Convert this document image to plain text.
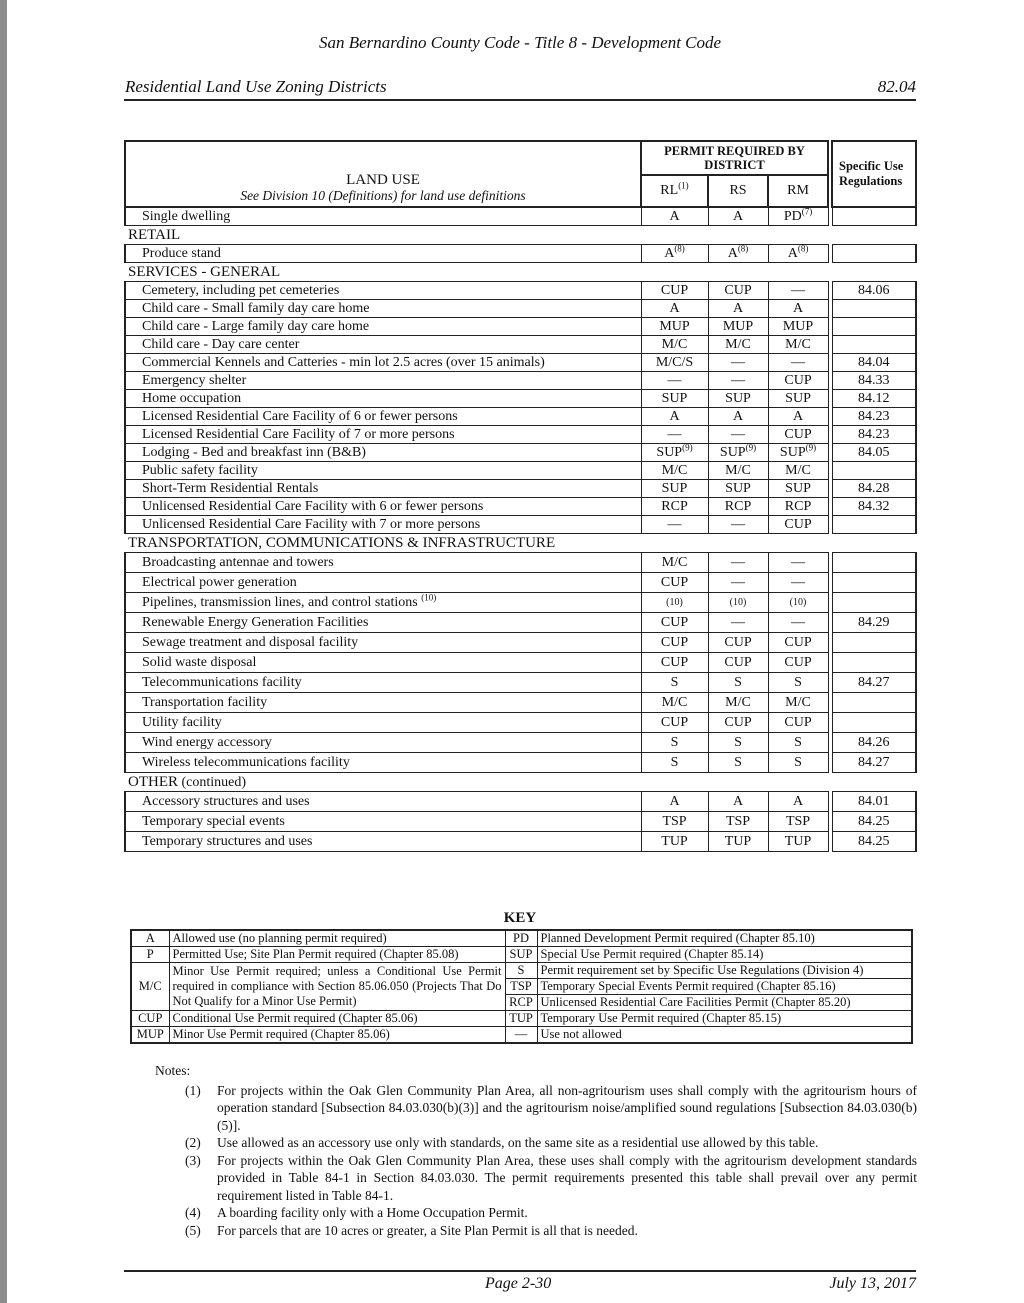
San Bernardino County Code - Title 8 - Development Code
Residential Land Use Zoning Districts	82.04
LAND USE
See Division 10 (Definitions) for land use definitions	PERMIT REQUIRED BY DISTRICT				Specific Use Regulations
	RL$^{(1)}$	RS	RM		
Single dwelling	A	A	PD$^{(7)}$		
RETAIL					
Produce stand	$A^{(8)}$	$A^{(8)}$	$A^{(8)}$		
SERVICES - GENERAL					
Cemetery, including pet cemeteries	CUP	CUP	—		84.06
Child care - Small family day care home	A	A	A		
Child care - Large family day care home	MUP	MUP	MUP		
Child care - Day care center	M/C	M/C	M/C		
Commercial Kennels and Catteries - min lot 2.5 acres (over 15 animals)	M/C/S	—	—		84.04
Emergency shelter	—	—	CUP		84.33
Home occupation	SUP	SUP	SUP		84.12
Licensed Residential Care Facility of 6 or fewer persons	A	A	A		84.23
Licensed Residential Care Facility of 7 or more persons	—	—	CUP		84.23
Lodging - Bed and breakfast inn (B&B)	SUP$^{(9)}$	SUP$^{(9)}$	SUP$^{(9)}$		84.05
Public safety facility	M/C	M/C	M/C		
Short-Term Residential Rentals	SUP	SUP	SUP		84.28
Unlicensed Residential Care Facility with 6 or fewer persons	RCP	RCP	RCP		84.32
Unlicensed Residential Care Facility with 7 or more persons	—	—	CUP		
TRANSPORTATION, COMMUNICATIONS & INFRASTRUCTURE					
Broadcasting antennae and towers	M/C	—	—		
Electrical power generation	CUP	—	—		
Pipelines, transmission lines, and control stations $^{(10)}$	(10)	(10)	(10)		
Renewable Energy Generation Facilities	CUP	—	—		84.29
Sewage treatment and disposal facility	CUP	CUP	CUP		
Solid waste disposal	CUP	CUP	CUP		
Telecommunications facility	S	S	S		84.27
Transportation facility	M/C	M/C	M/C		
Utility facility	CUP	CUP	CUP		
Wind energy accessory	S	S	S		84.26
Wireless telecommunications facility	S	S	S		84.27
OTHER (continued)					
Accessory structures and uses	A	A	A		84.01
Temporary special events	TSP	TSP	TSP		84.25
Temporary structures and uses	TUP	TUP	TUP		84.25
KEY
A	Allowed use (no planning permit required)	PD	Planned Development Permit required (Chapter 85.10)
P	Permitted Use; Site Plan Permit required (Chapter 85.08)	SUP	Special Use Permit required (Chapter 85.14)
M/C	Minor Use Permit required; unless a Conditional Use Permit required in compliance with Section 85.06.050 (Projects That Do Not Qualify for a Minor Use Permit)	S	Permit requirement set by Specific Use Regulations (Division 4)
		TSP	Temporary Special Events Permit required (Chapter 85.16)
		RCP	Unlicensed Residential Care Facilities Permit (Chapter 85.20)
CUP	Conditional Use Permit required (Chapter 85.06)	TUP	Temporary Use Permit required (Chapter 85.15)
MUP	Minor Use Permit required (Chapter 85.06)	—	Use not allowed
Notes:
(1) For projects within the Oak Glen Community Plan Area, all non-agritourism uses shall comply with the agritourism hours of operation standard [Subsection 84.03.030(b)(3)] and the agritourism noise/amplified sound regulations [Subsection 84.03.030(b)(5)].
(2) Use allowed as an accessory use only with standards, on the same site as a residential use allowed by this table.
(3) For projects within the Oak Glen Community Plan Area, these uses shall comply with the agritourism development standards provided in Table 84-1 in Section 84.03.030. The permit requirements presented this table shall prevail over any permit requirement listed in Table 84-1.
(4) A boarding facility only with a Home Occupation Permit.
(5) For parcels that are 10 acres or greater, a Site Plan Permit is all that is needed.
Page 2-30	July 13, 2017
